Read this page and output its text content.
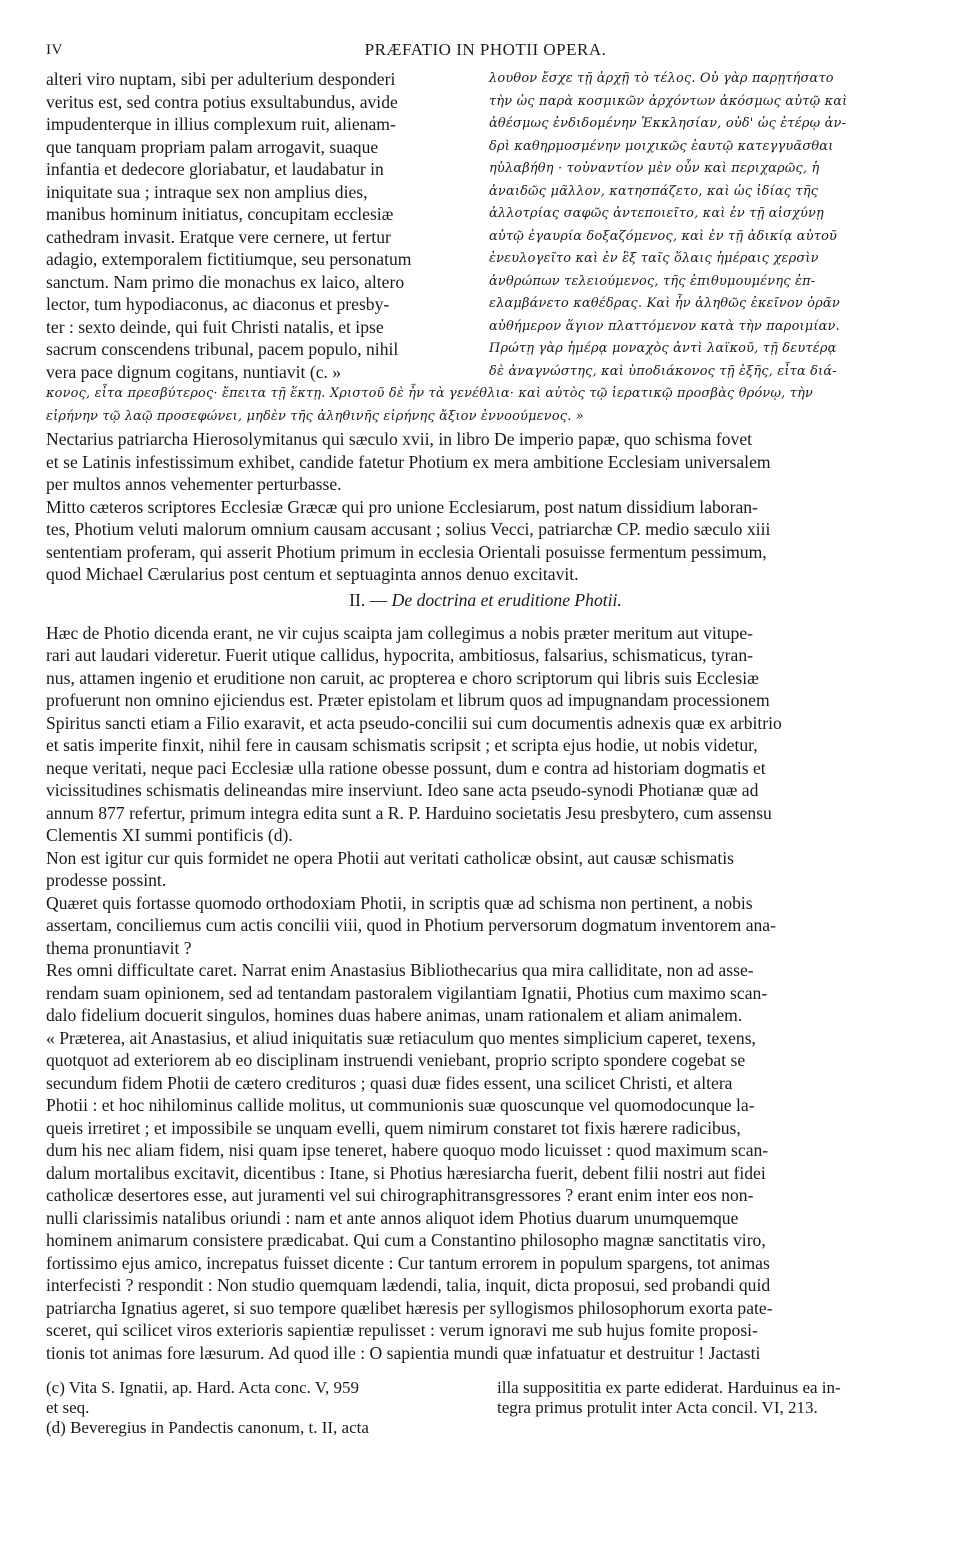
IV	PRÆFATIO IN PHOTII OPERA.

alteri viro nuptam, sibi per adulterium desponderi

veritus est, sed contra potius exsultabundus, avide

impudenterque in illius complexum ruit, alienam-

que tanquam propriam palam arrogavit, suaque

infantia et dedecore gloriabatur, et laudabatur in

iniquitate sua ; intraque sex non amplius dies,

manibus hominum initiatus, concupitam ecclesiæ

cathedram invasit. Eratque vere cernere, ut fertur

adagio, extemporalem fictitiumque, seu personatum

sanctum. Nam primo die monachus ex laico, altero

lector, tum hypodiaconus, ac diaconus et presby-

ter : sexto deinde, qui fuit Christi natalis, et ipse

sacrum conscendens tribunal, pacem populo, nihil

vera pace dignum cogitans, nuntiavit (c. »

λουθον ἔσχε τῇ ἀρχῇ τὸ τέλος. Οὐ γὰρ παρῃτήσατο

τὴν ὡς παρὰ κοσμικῶν ἀρχόντων ἀκόσμως αὐτῷ καὶ

ἀθέσμως ἐνδιδομένην Ἐκκλησίαν, οὐδ' ὡς ἑτέρῳ ἀν-

δρὶ καθηρμοσμένην μοιχικῶς ἑαυτῷ κατεγγυᾶσθαι

ηὐλαβήθη · τοὐναντίον μὲν οὖν καὶ περιχαρῶς, ἡ

ἀναιδῶς μᾶλλον, κατησπάζετο, καὶ ὡς ἰδίας τῆς

ἀλλοτρίας σαφῶς ἀντεποιεῖτο, καὶ ἐν τῇ αἰσχύνῃ

αὐτῷ ἐγαυρία δοξαζόμενος, καὶ ἐν τῇ ἀδικίᾳ αὐτοῦ

ἐνευλογεῖτο καὶ ἐν ἓξ ταῖς ὅλαις ἡμέραις χερσὶν

ἀνθρώπων τελειούμενος, τῆς ἐπιθυμουμένης ἐπ-

ελαμβάνετο καθέδρας. Καὶ ἦν ἀληθῶς ἐκεῖνον ὁρᾶν

αὐθήμερον ἅγιον πλαττόμενον κατὰ τὴν παροιμίαν.

Πρώτῃ γὰρ ἡμέρᾳ μοναχὸς ἀντὶ λαϊκοῦ, τῇ δευτέρᾳ

δὲ ἀναγνώστης, καὶ ὑποδιάκονος τῇ ἑξῆς, εἶτα διά-

κονος, εἶτα πρεσβύτερος· ἔπειτα τῇ ἕκτῃ. Χριστοῦ δὲ ἦν τὰ γενέθλια· καὶ αὐτὸς τῷ ἱερατικῷ προσβὰς θρόνῳ, τὴν

εἰρήνην τῷ λαῷ προσεφώνει, μηδὲν τῆς ἀληθινῆς εἰρήνης ἄξιον ἐννοούμενος. »

Nectarius patriarcha Hierosolymitanus qui sæculo xvii, in libro De imperio papæ, quo schisma fovet

et se Latinis infestissimum exhibet, candide fatetur Photium ex mera ambitione Ecclesiam universalem

per multos annos vehementer perturbasse.

Mitto cæteros scriptores Ecclesiæ Græcæ qui pro unione Ecclesiarum, post natum dissidium laboran-

tes, Photium veluti malorum omnium causam accusant ; solius Vecci, patriarchæ CP. medio sæculo xiii

sententiam proferam, qui asserit Photium primum in ecclesia Orientali posuisse fermentum pessimum,

quod Michael Cærularius post centum et septuaginta annos denuo excitavit.

II. — De doctrina et eruditione Photii.

Hæc de Photio dicenda erant, ne vir cujus scaipta jam collegimus a nobis præter meritum aut vitupe-

rari aut laudari videretur. Fuerit utique callidus, hypocrita, ambitiosus, falsarius, schismaticus, tyran-

nus, attamen ingenio et eruditione non caruit, ac propterea e choro scriptorum qui libris suis Ecclesiæ

profuerunt non omnino ejiciendus est. Præter epistolam et librum quos ad impugnandam processionem

Spiritus sancti etiam a Filio exaravit, et acta pseudo-concilii sui cum documentis adnexis quæ ex arbitrio

et satis imperite finxit, nihil fere in causam schismatis scripsit ; et scripta ejus hodie, ut nobis videtur,

neque veritati, neque paci Ecclesiæ ulla ratione obesse possunt, dum e contra ad historiam dogmatis et

vicissitudines schismatis delineandas mire inserviunt. Ideo sane acta pseudo-synodi Photianæ quæ ad

annum 877 refertur, primum integra edita sunt a R. P. Harduino societatis Jesu presbytero, cum assensu

Clementis XI summi pontificis (d).

Non est igitur cur quis formidet ne opera Photii aut veritati catholicæ obsint, aut causæ schismatis

prodesse possint.

Quæret quis fortasse quomodo orthodoxiam Photii, in scriptis quæ ad schisma non pertinent, a nobis

assertam, conciliemus cum actis concilii viii, quod in Photium perversorum dogmatum inventorem ana-

thema pronuntiavit ?

Res omni difficultate caret. Narrat enim Anastasius Bibliothecarius qua mira calliditate, non ad asse-

rendam suam opinionem, sed ad tentandam pastoralem vigilantiam Ignatii, Photius cum maximo scan-

dalo fidelium docuerit singulos, homines duas habere animas, unam rationalem et aliam animalem.

« Præterea, ait Anastasius, et aliud iniquitatis suæ retiaculum quo mentes simplicium caperet, texens,

quotquot ad exteriorem ab eo disciplinam instruendi veniebant, proprio scripto spondere cogebat se

secundum fidem Photii de cætero credituros ; quasi duæ fides essent, una scilicet Christi, et altera

Photii : et hoc nihilominus callide molitus, ut communionis suæ quoscunque vel quomodocunque la-

queis irretiret ; et impossibile se unquam evelli, quem nimirum constaret tot fixis hærere radicibus,

dum his nec aliam fidem, nisi quam ipse teneret, habere quoquo modo licuisset : quod maximum scan-

dalum mortalibus excitavit, dicentibus : Itane, si Photius hæresiarcha fuerit, debent filii nostri aut fidei

catholicæ desertores esse, aut juramenti vel sui chirographitransgressores ? erant enim inter eos non-

nulli clarissimis natalibus oriundi : nam et ante annos aliquot idem Photius duarum unumquemque

hominem animarum consistere prædicabat. Qui cum a Constantino philosopho magnæ sanctitatis viro,

fortissimo ejus amico, increpatus fuisset dicente : Cur tantum errorem in populum spargens, tot animas

interfecisti ? respondit : Non studio quemquam lædendi, talia, inquit, dicta proposui, sed probandi quid

patriarcha Ignatius ageret, si suo tempore quælibet hæresis per syllogismos philosophorum exorta pate-

sceret, qui scilicet viros exterioris sapientiæ repulisset : verum ignoravi me sub hujus fomite proposi-

tionis tot animas fore læsurum. Ad quod ille : O sapientia mundi quæ infatuatur et destruitur ! Jactasti

(c) Vita S. Ignatii, ap. Hard. Acta conc. V, 959

et seq.

(d) Beveregius in Pandectis canonum, t. II, acta

illa supposititia ex parte ediderat. Harduinus ea in-

tegra primus protulit inter Acta concil. VI, 213.
